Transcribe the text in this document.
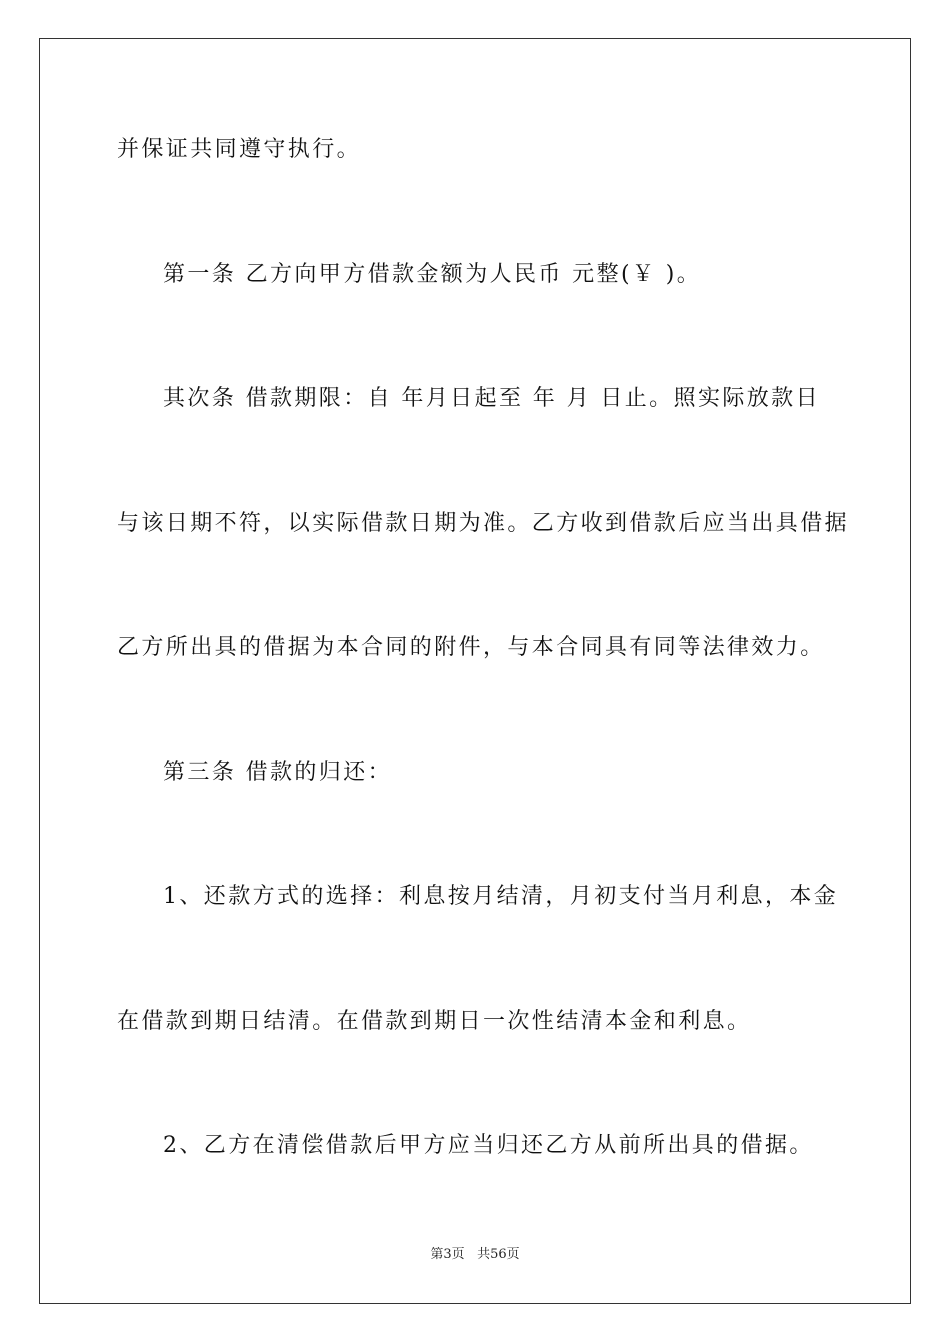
并保证共同遵守执行。
第一条 乙方向甲方借款金额为人民币 元整(￥ )。
其次条 借款期限：自 年月日起至 年 月 日止。照实际放款日
与该日期不符，以实际借款日期为准。乙方收到借款后应当出具借据
乙方所出具的借据为本合同的附件，与本合同具有同等法律效力。
第三条 借款的归还：
1、还款方式的选择：利息按月结清，月初支付当月利息，本金
在借款到期日结清。在借款到期日一次性结清本金和利息。
2、乙方在清偿借款后甲方应当归还乙方从前所出具的借据。
第3页 共56页
